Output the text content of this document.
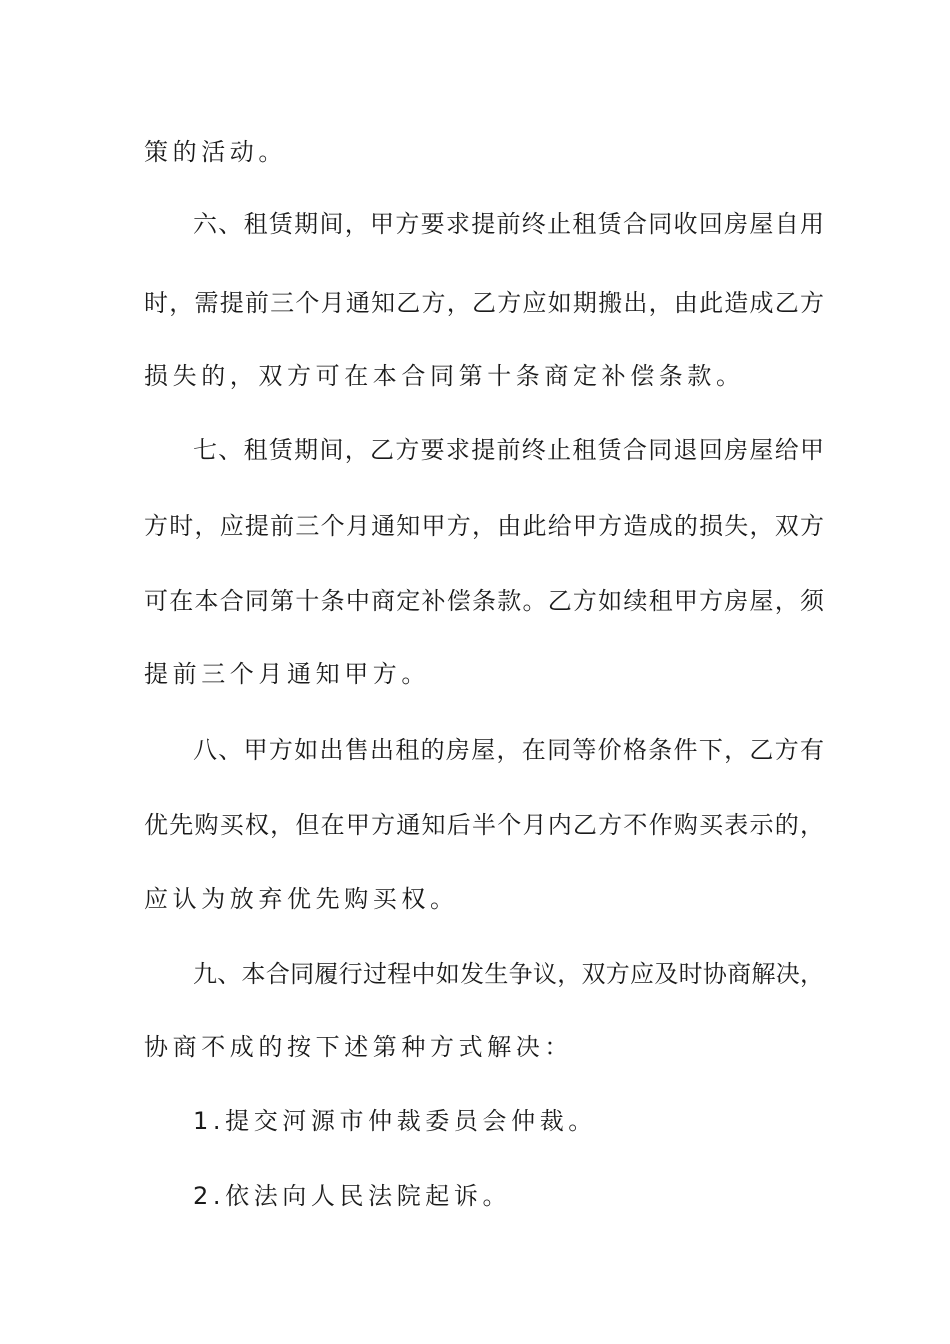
策的活动。
六、租赁期间，甲方要求提前终止租赁合同收回房屋自用
时，需提前三个月通知乙方，乙方应如期搬出，由此造成乙方
损失的，双方可在本合同第十条商定补偿条款。
七、租赁期间，乙方要求提前终止租赁合同退回房屋给甲
方时，应提前三个月通知甲方，由此给甲方造成的损失，双方
可在本合同第十条中商定补偿条款。乙方如续租甲方房屋，须
提前三个月通知甲方。
八、甲方如出售出租的房屋，在同等价格条件下，乙方有
优先购买权，但在甲方通知后半个月内乙方不作购买表示的，
应认为放弃优先购买权。
九、本合同履行过程中如发生争议，双方应及时协商解决，
协商不成的按下述第种方式解决：
1.提交河源市仲裁委员会仲裁。
2.依法向人民法院起诉。
